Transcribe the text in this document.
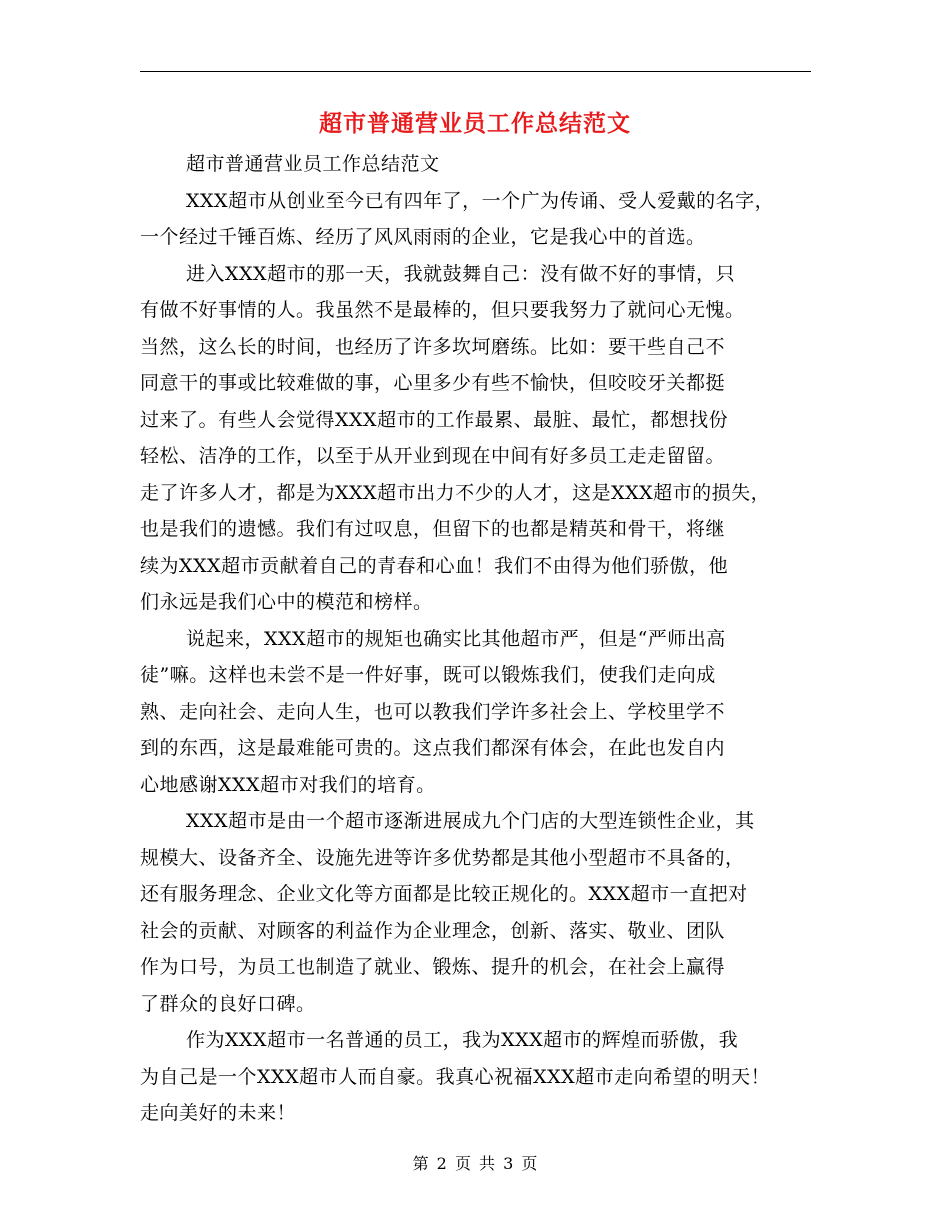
超市普通营业员工作总结范文
超市普通营业员工作总结范文
XXX超市从创业至今已有四年了，一个广为传诵、受人爱戴的名字，
一个经过千锤百炼、经历了风风雨雨的企业，它是我心中的首选。
进入XXX超市的那一天，我就鼓舞自己：没有做不好的事情，只
有做不好事情的人。我虽然不是最棒的，但只要我努力了就问心无愧。
当然，这么长的时间，也经历了许多坎坷磨练。比如：要干些自己不
同意干的事或比较难做的事，心里多少有些不愉快，但咬咬牙关都挺
过来了。有些人会觉得XXX超市的工作最累、最脏、最忙，都想找份
轻松、洁净的工作，以至于从开业到现在中间有好多员工走走留留。
走了许多人才，都是为XXX超市出力不少的人才，这是XXX超市的损失，
也是我们的遗憾。我们有过叹息，但留下的也都是精英和骨干，将继
续为XXX超市贡献着自己的青春和心血！我们不由得为他们骄傲，他
们永远是我们心中的模范和榜样。
说起来，XXX超市的规矩也确实比其他超市严，但是“严师出高
徒”嘛。这样也未尝不是一件好事，既可以锻炼我们，使我们走向成
熟、走向社会、走向人生，也可以教我们学许多社会上、学校里学不
到的东西，这是最难能可贵的。这点我们都深有体会，在此也发自内
心地感谢XXX超市对我们的培育。
XXX超市是由一个超市逐渐进展成九个门店的大型连锁性企业，其
规模大、设备齐全、设施先进等许多优势都是其他小型超市不具备的，
还有服务理念、企业文化等方面都是比较正规化的。XXX超市一直把对
社会的贡献、对顾客的利益作为企业理念，创新、落实、敬业、团队
作为口号，为员工也制造了就业、锻炼、提升的机会，在社会上赢得
了群众的良好口碑。
作为XXX超市一名普通的员工，我为XXX超市的辉煌而骄傲，我
为自己是一个XXX超市人而自豪。我真心祝福XXX超市走向希望的明天！
走向美好的未来！
第 2 页 共 3 页
